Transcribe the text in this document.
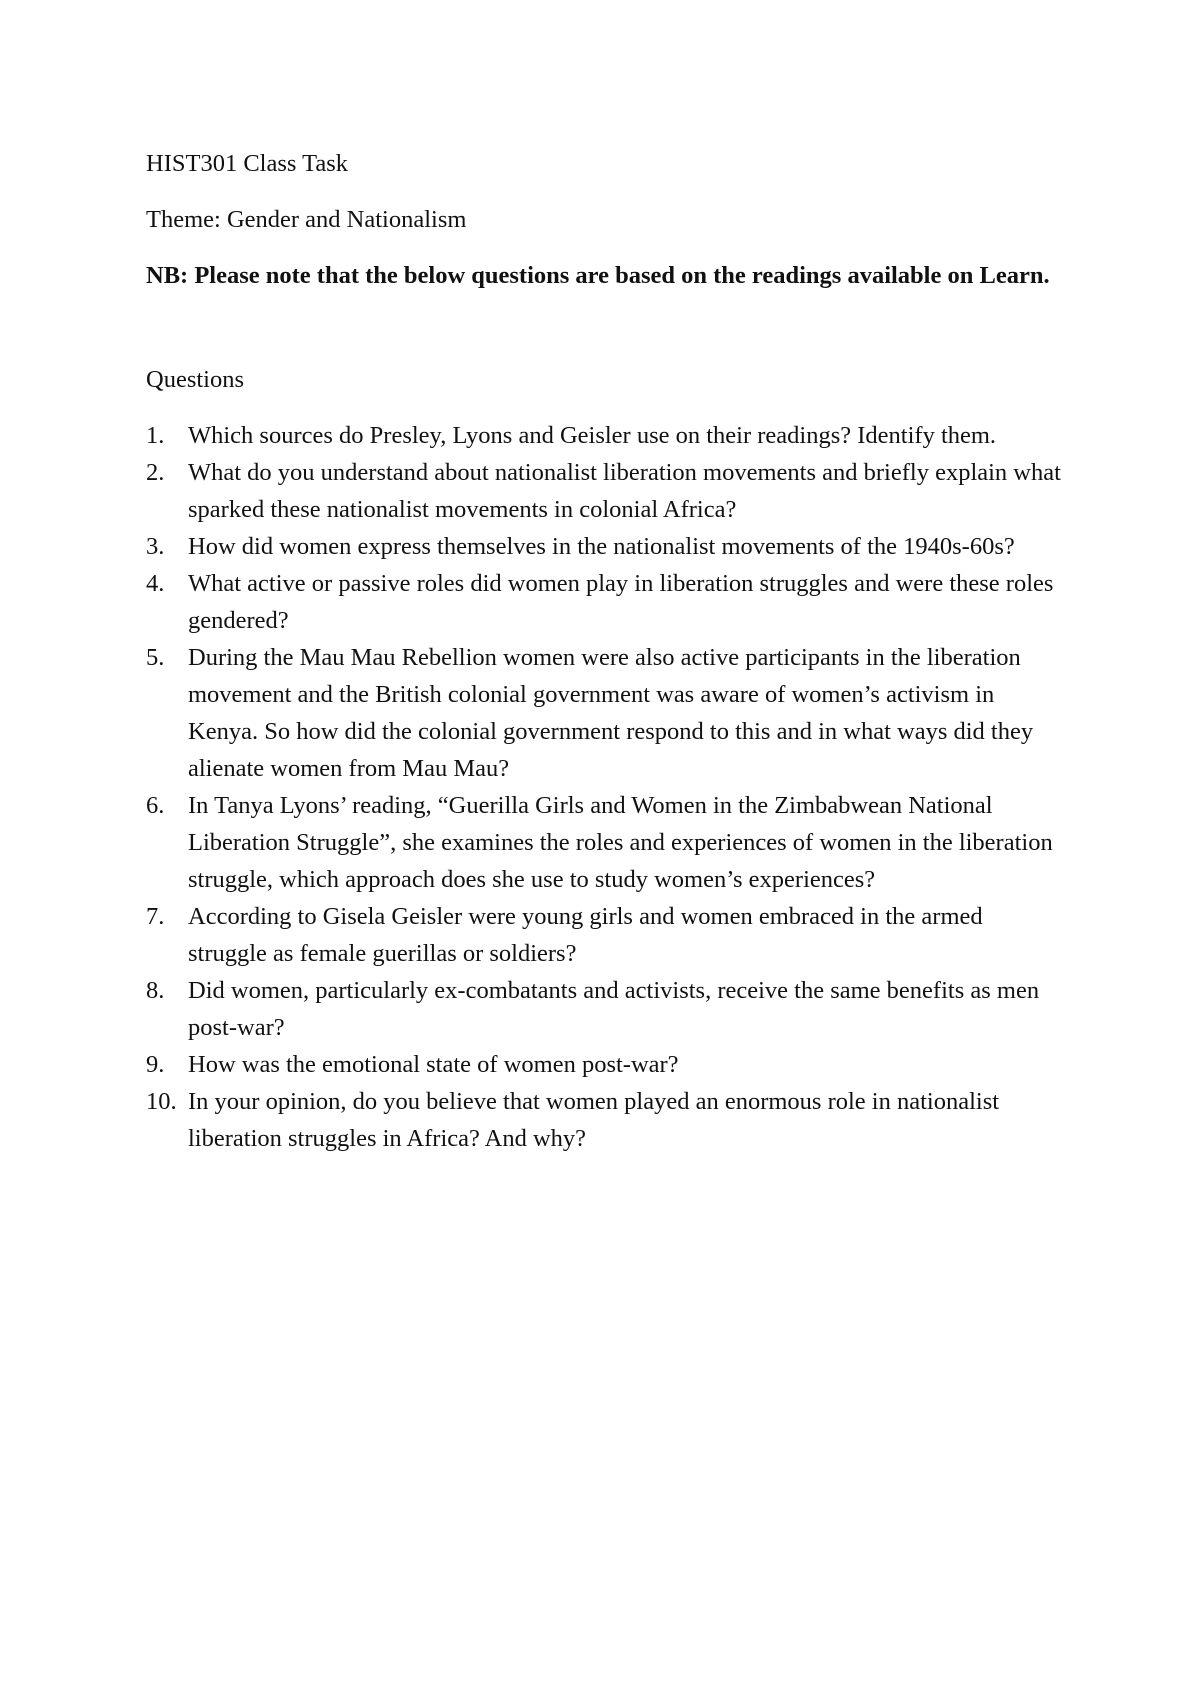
HIST301 Class Task

Theme: Gender and Nationalism

NB: Please note that the below questions are based on the readings available on Learn.

Questions

1. Which sources do Presley, Lyons and Geisler use on their readings? Identify them.
2. What do you understand about nationalist liberation movements and briefly explain what sparked these nationalist movements in colonial Africa?
3. How did women express themselves in the nationalist movements of the 1940s-60s?
4. What active or passive roles did women play in liberation struggles and were these roles gendered?
5. During the Mau Mau Rebellion women were also active participants in the liberation movement and the British colonial government was aware of women’s activism in Kenya. So how did the colonial government respond to this and in what ways did they alienate women from Mau Mau?
6. In Tanya Lyons’ reading, “Guerilla Girls and Women in the Zimbabwean National Liberation Struggle”, she examines the roles and experiences of women in the liberation struggle, which approach does she use to study women’s experiences?
7. According to Gisela Geisler were young girls and women embraced in the armed struggle as female guerillas or soldiers?
8. Did women, particularly ex-combatants and activists, receive the same benefits as men post-war?
9. How was the emotional state of women post-war?
10. In your opinion, do you believe that women played an enormous role in nationalist liberation struggles in Africa? And why?
